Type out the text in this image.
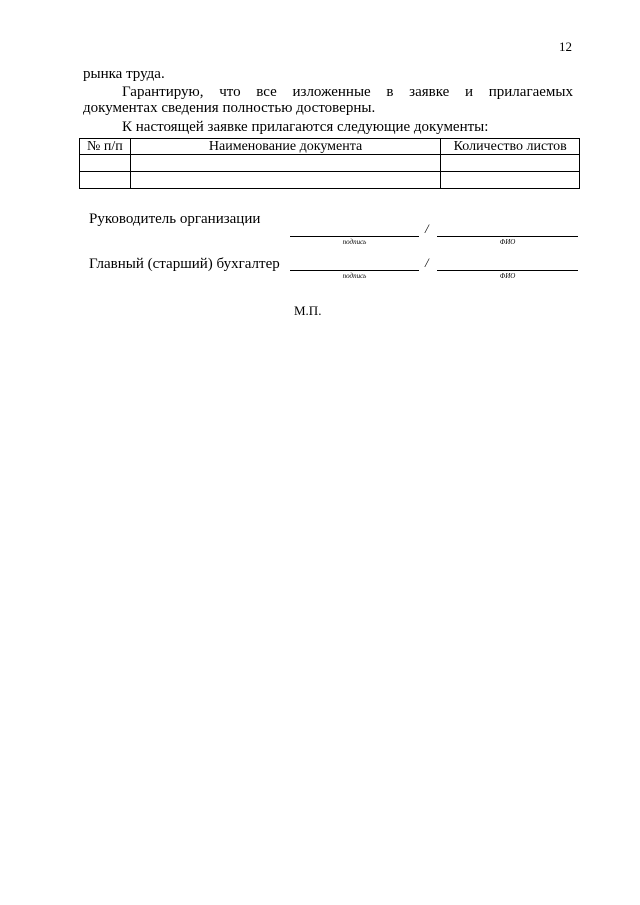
12
рынка труда.
Гарантирую, что все изложенные в заявке и прилагаемых
документах сведения полностью достоверны.
К настоящей заявке прилагаются следующие документы:
№ п/п	Наименование документа	Количество листов

Руководитель организации
подпись
/
ФИО
Главный (старший) бухгалтер
подпись
/
ФИО
М.П.
